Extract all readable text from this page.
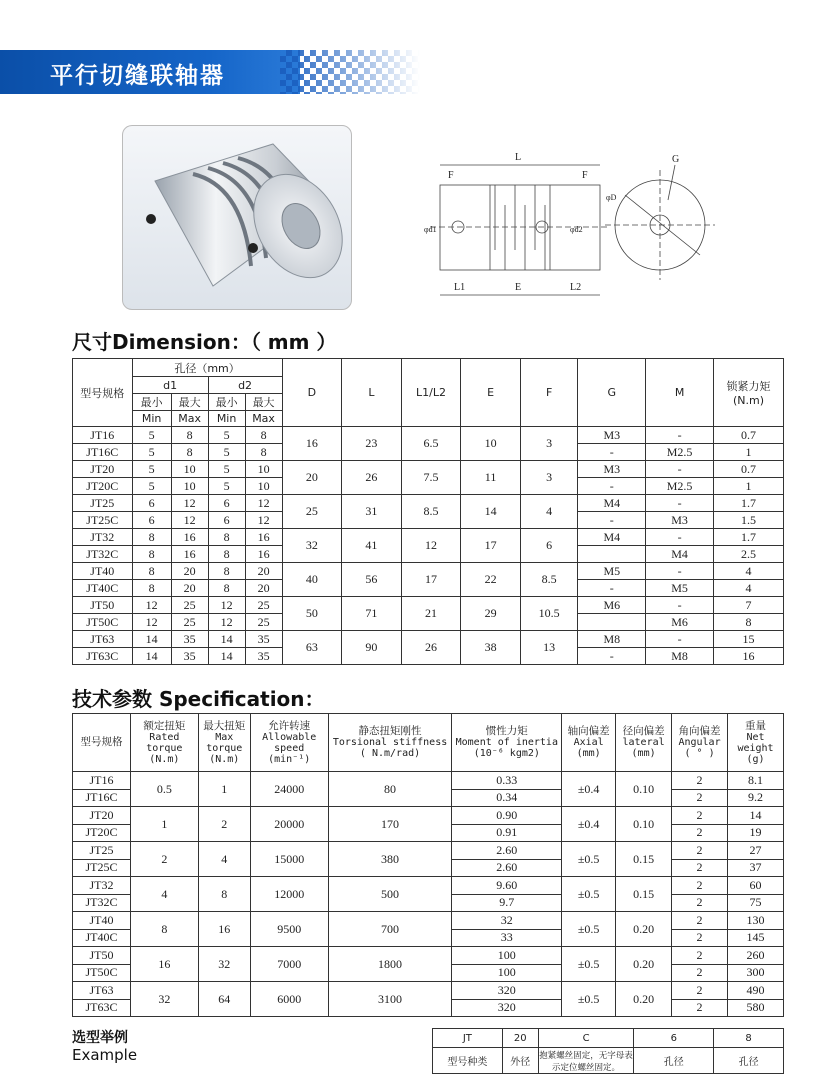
平行切缝联轴器
L
F	F
φd1	φd2
L1	E	L2
G
φD
尺寸Dimension：（ mm ）
型号规格	孔径（mm）				D	L	L1/L2	E	F	G	M	锁紧力矩
(N.m)
	d1		d2									
	最小	最大	最小	最大								
	Min	Max	Min	Max								
JT16	5	8	5	8	16	23	6.5	10	3	M3	-	0.7
JT16C	5	8	5	8						-	M2.5	1
JT20	5	10	5	10	20	26	7.5	11	3	M3	-	0.7
JT20C	5	10	5	10						-	M2.5	1
JT25	6	12	6	12	25	31	8.5	14	4	M4	-	1.7
JT25C	6	12	6	12						-	M3	1.5
JT32	8	16	8	16	32	41	12	17	6	M4	-	1.7
JT32C	8	16	8	16							M4	2.5
JT40	8	20	8	20	40	56	17	22	8.5	M5	-	4
JT40C	8	20	8	20						-	M5	4
JT50	12	25	12	25	50	71	21	29	10.5	M6	-	7
JT50C	12	25	12	25							M6	8
JT63	14	35	14	35	63	90	26	38	13	M8	-	15
JT63C	14	35	14	35						-	M8	16
技术参数 Specification：
型号规格	额定扭矩
Rated
torque
(N.m)	最大扭矩
Max
torque
(N.m)	允许转速
Allowable
speed
(min⁻¹)	静态扭矩刚性
Torsional stiffness
( N.m/rad)	惯性力矩
Moment of inertia
(10⁻⁶ kgm2)	轴向偏差
Axial
(mm)	径向偏差
lateral
(mm)	角向偏差
Angular
( ° )	重量
Net
weight
(g)
JT16	0.5	1	24000	80	0.33	±0.4	0.10	2	8.1
JT16C					0.34			2	9.2
JT20	1	2	20000	170	0.90	±0.4	0.10	2	14
JT20C					0.91			2	19
JT25	2	4	15000	380	2.60	±0.5	0.15	2	27
JT25C					2.60			2	37
JT32	4	8	12000	500	9.60	±0.5	0.15	2	60
JT32C					9.7			2	75
JT40	8	16	9500	700	32	±0.5	0.20	2	130
JT40C					33			2	145
JT50	16	32	7000	1800	100	±0.5	0.20	2	260
JT50C					100			2	300
JT63	32	64	6000	3100	320	±0.5	0.20	2	490
JT63C					320			2	580
选型举例
Example
JT	20	C	6	8
型号种类	外径	抱紧螺丝固定，无字母表示定位螺丝固定。	孔径	孔径
